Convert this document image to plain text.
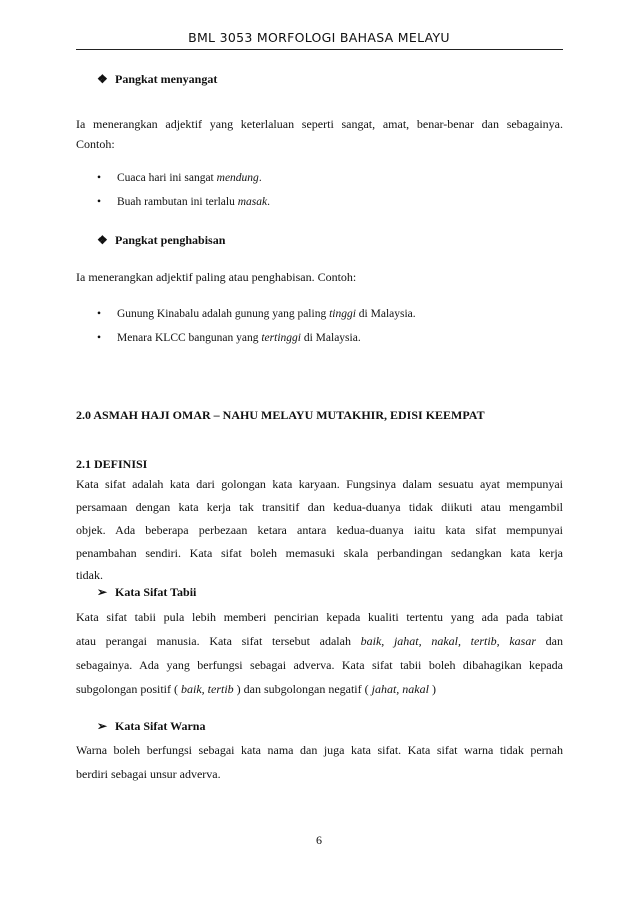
BML 3053 MORFOLOGI BAHASA MELAYU
❖ Pangkat menyangat
Ia menerangkan adjektif yang keterlaluan seperti sangat, amat, benar-benar dan sebagainya.
Contoh:
• Cuaca hari ini sangat mendung.
• Buah rambutan ini terlalu masak.
❖ Pangkat penghabisan
Ia menerangkan adjektif paling atau penghabisan. Contoh:
• Gunung Kinabalu adalah gunung yang paling tinggi di Malaysia.
• Menara KLCC bangunan yang tertinggi di Malaysia.
2.0 ASMAH HAJI OMAR – NAHU MELAYU MUTAKHIR, EDISI KEEMPAT
2.1 DEFINISI
Kata sifat adalah kata dari golongan kata karyaan. Fungsinya dalam sesuatu ayat mempunyai
persamaan dengan kata kerja tak transitif dan kedua-duanya tidak diikuti atau mengambil
objek. Ada beberapa perbezaan ketara antara kedua-duanya iaitu kata sifat mempunyai
penambahan sendiri. Kata sifat boleh memasuki skala perbandingan sedangkan kata kerja
tidak.
➢ Kata Sifat Tabii
Kata sifat tabii pula lebih memberi pencirian kepada kualiti tertentu yang ada pada tabiat
atau perangai manusia. Kata sifat tersebut adalah baik, jahat, nakal, tertib, kasar dan
sebagainya. Ada yang berfungsi sebagai adverva. Kata sifat tabii boleh dibahagikan kepada
subgolongan positif ( baik, tertib ) dan subgolongan negatif ( jahat, nakal )
➢ Kata Sifat Warna
Warna boleh berfungsi sebagai kata nama dan juga kata sifat. Kata sifat warna tidak pernah
berdiri sebagai unsur adverva.
6
